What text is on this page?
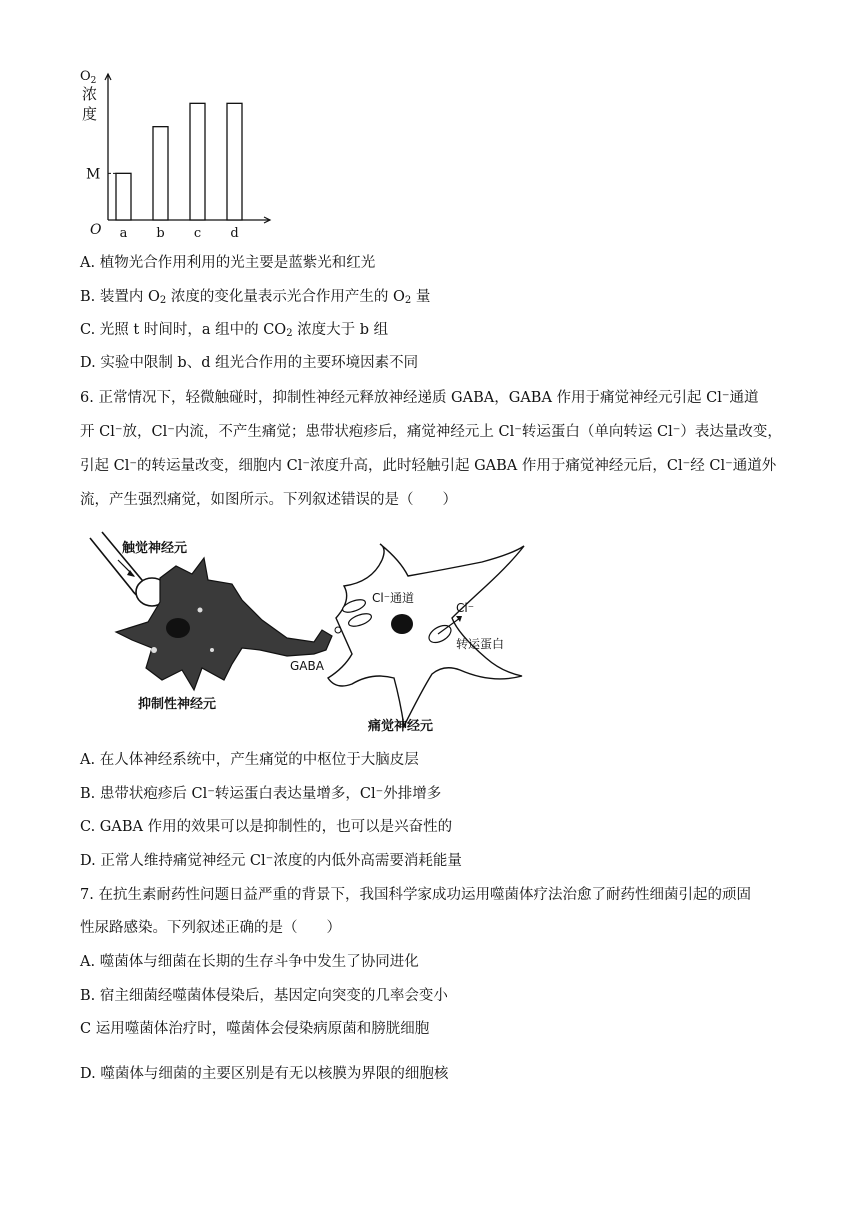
$O_2$
浓
度
O a b c d
M
A. 植物光合作用利用的光主要是蓝紫光和红光
B. 装置内 $O_2$ 浓度的变化量表示光合作用产生的 $O_2$ 量
C. 光照 t 时间时，a 组中的 $CO_2$ 浓度大于 b 组
D. 实验中限制 b、d 组光合作用的主要环境因素不同
6. 正常情况下，轻微触碰时，抑制性神经元释放神经递质 GABA，GABA 作用于痛觉神经元引起 Cl⁻通道
开 Cl⁻放，Cl⁻内流，不产生痛觉；患带状疱疹后，痛觉神经元上 Cl⁻转运蛋白（单向转运 Cl⁻）表达量改变，
引起 Cl⁻的转运量改变，细胞内 Cl⁻浓度升高，此时轻触引起 GABA 作用于痛觉神经元后，Cl⁻经 Cl⁻通道外
流，产生强烈痛觉，如图所示。下列叙述错误的是（　　）
触觉神经元
抑制性神经元
GABA
Cl⁻通道
Cl⁻
转运蛋白
痛觉神经元
A. 在人体神经系统中，产生痛觉的中枢位于大脑皮层
B. 患带状疱疹后 Cl⁻转运蛋白表达量增多，Cl⁻外排增多
C. GABA 作用的效果可以是抑制性的，也可以是兴奋性的
D. 正常人维持痛觉神经元 Cl⁻浓度的内低外高需要消耗能量
7. 在抗生素耐药性问题日益严重的背景下，我国科学家成功运用噬菌体疗法治愈了耐药性细菌引起的顽固
性尿路感染。下列叙述正确的是（　　）
A. 噬菌体与细菌在长期的生存斗争中发生了协同进化
B. 宿主细菌经噬菌体侵染后，基因定向突变的几率会变小
C 运用噬菌体治疗时，噬菌体会侵染病原菌和膀胱细胞
D. 噬菌体与细菌的主要区别是有无以核膜为界限的细胞核
